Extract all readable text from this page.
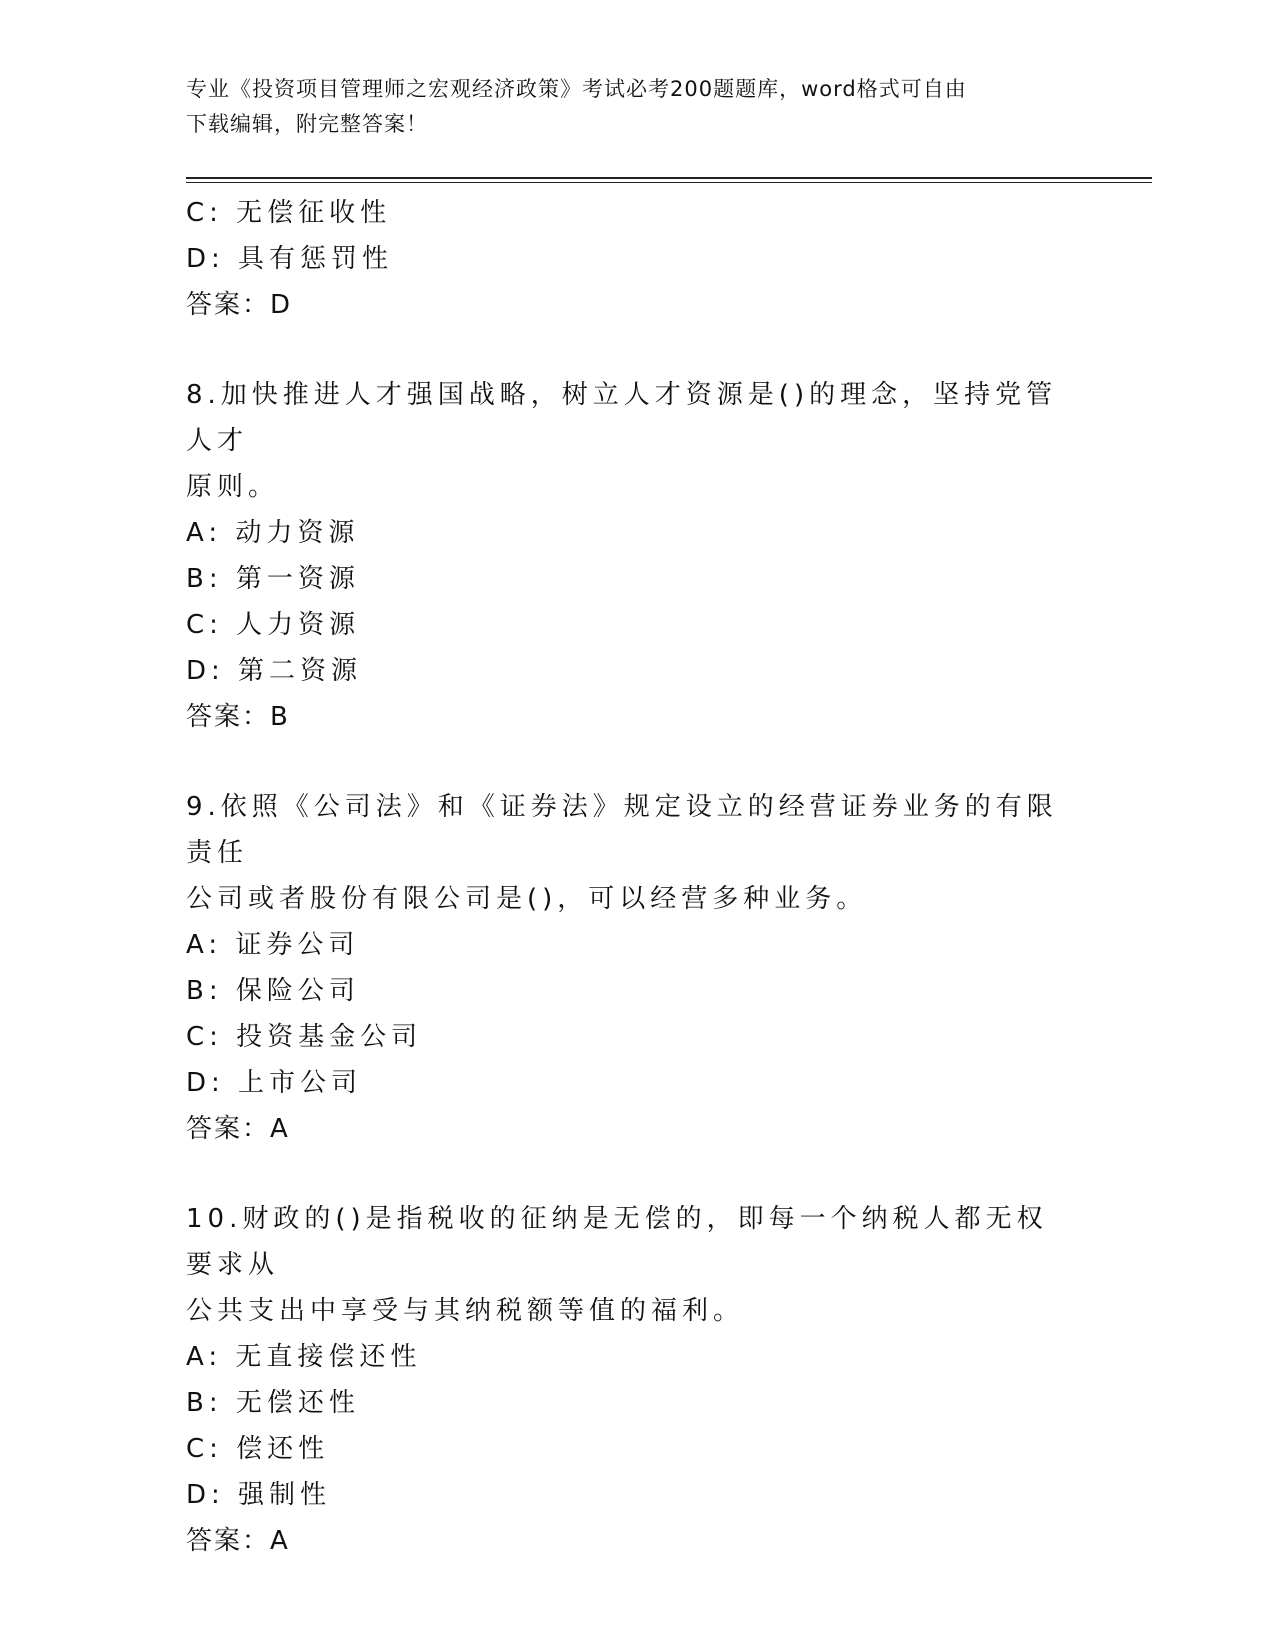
专业《投资项目管理师之宏观经济政策》考试必考200题题库，word格式可自由
下载编辑，附完整答案！
C: 无偿征收性
D: 具有惩罚性
答案：D
8.加快推进人才强国战略，树立人才资源是()的理念，坚持党管人才
原则。
A: 动力资源
B: 第一资源
C: 人力资源
D: 第二资源
答案：B
9.依照《公司法》和《证券法》规定设立的经营证券业务的有限责任
公司或者股份有限公司是()，可以经营多种业务。
A: 证券公司
B: 保险公司
C: 投资基金公司
D: 上市公司
答案：A
10.财政的()是指税收的征纳是无偿的，即每一个纳税人都无权要求从
公共支出中享受与其纳税额等值的福利。
A: 无直接偿还性
B: 无偿还性
C: 偿还性
D: 强制性
答案：A
